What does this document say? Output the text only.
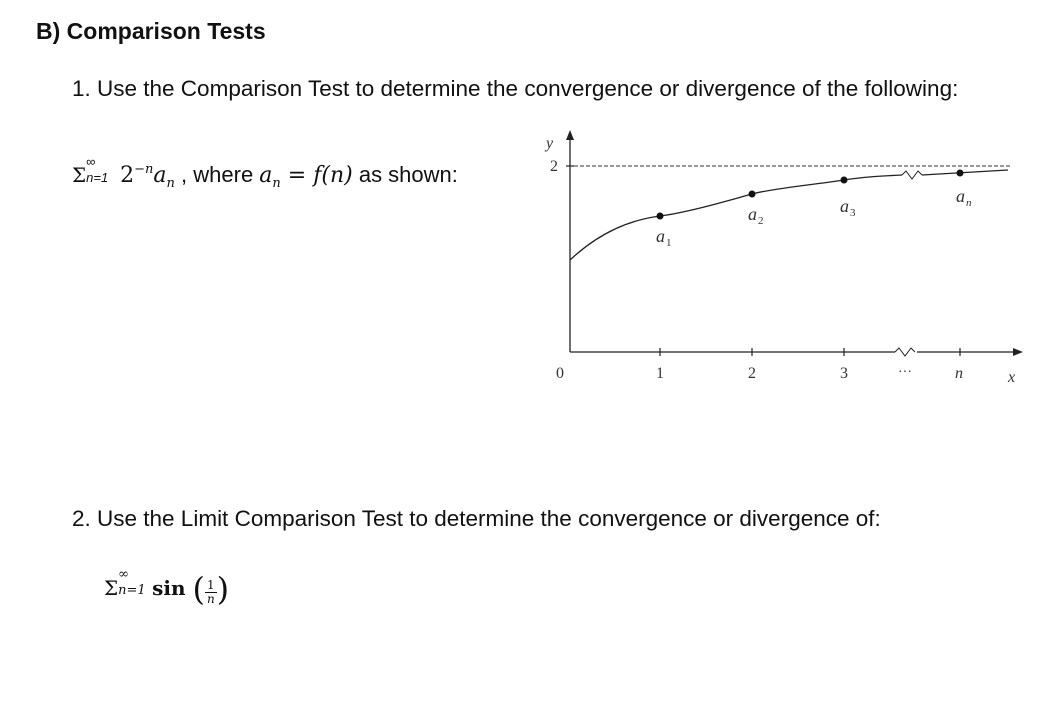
B) Comparison Tests
1. Use the Comparison Test to determine the convergence or divergence of the following:
Σ
∞
n=1 $2^{-n}a_n$ , where $a_n = f(n)$ as shown:
y
2
0	1	2	3	···	n	x
a 1
a 2
a 3
a n
2. Use the Limit Comparison Test to determine the convergence or divergence of:
Σ
∞
n=1 sin ( $\frac{1}{n}$ )
